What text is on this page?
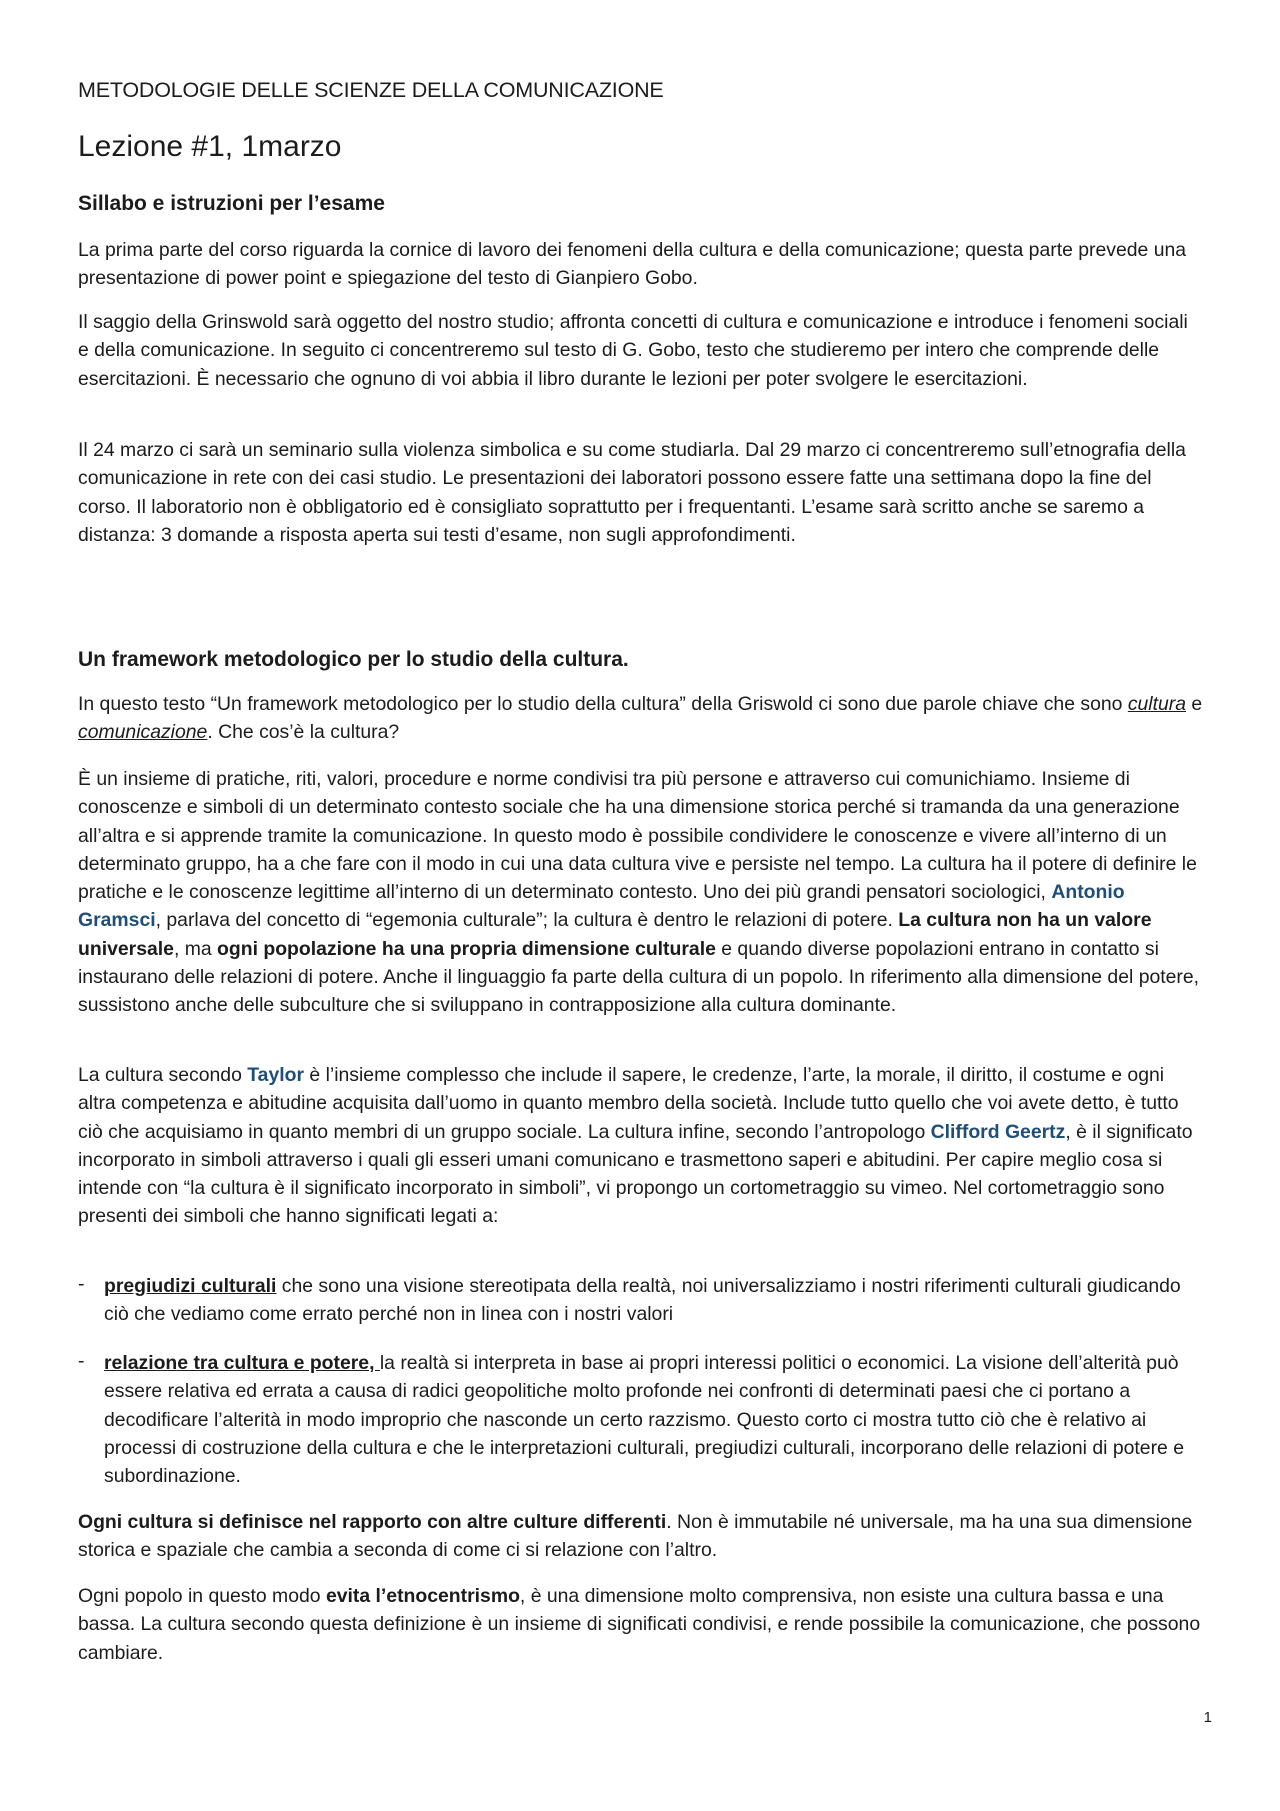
METODOLOGIE DELLE SCIENZE DELLA COMUNICAZIONE
Lezione #1, 1marzo
Sillabo e istruzioni per l’esame

La prima parte del corso riguarda la cornice di lavoro dei fenomeni della cultura e della comunicazione; questa parte prevede una presentazione di power point e spiegazione del testo di Gianpiero Gobo.

Il saggio della Grinswold sarà oggetto del nostro studio; affronta concetti di cultura e comunicazione e introduce i fenomeni sociali e della comunicazione. In seguito ci concentreremo sul testo di G. Gobo, testo che studieremo per intero che comprende delle esercitazioni. È necessario che ognuno di voi abbia il libro durante le lezioni per poter svolgere le esercitazioni.

Il 24 marzo ci sarà un seminario sulla violenza simbolica e su come studiarla. Dal 29 marzo ci concentreremo sull’etnografia della comunicazione in rete con dei casi studio. Le presentazioni dei laboratori possono essere fatte una settimana dopo la fine del corso. Il laboratorio non è obbligatorio ed è consigliato soprattutto per i frequentanti. L’esame sarà scritto anche se saremo a distanza: 3 domande a risposta aperta sui testi d’esame, non sugli approfondimenti.

Un framework metodologico per lo studio della cultura.

In questo testo “Un framework metodologico per lo studio della cultura” della Griswold ci sono due parole chiave che sono cultura e comunicazione. Che cos’è la cultura?

È un insieme di pratiche, riti, valori, procedure e norme condivisi tra più persone e attraverso cui comunichiamo. Insieme di conoscenze e simboli di un determinato contesto sociale che ha una dimensione storica perché si tramanda da una generazione all’altra e si apprende tramite la comunicazione. In questo modo è possibile condividere le conoscenze e vivere all’interno di un determinato gruppo, ha a che fare con il modo in cui una data cultura vive e persiste nel tempo. La cultura ha il potere di definire le pratiche e le conoscenze legittime all’interno di un determinato contesto. Uno dei più grandi pensatori sociologici, Antonio Gramsci, parlava del concetto di “egemonia culturale”; la cultura è dentro le relazioni di potere. La cultura non ha un valore universale, ma ogni popolazione ha una propria dimensione culturale e quando diverse popolazioni entrano in contatto si instaurano delle relazioni di potere. Anche il linguaggio fa parte della cultura di un popolo. In riferimento alla dimensione del potere, sussistono anche delle subculture che si sviluppano in contrapposizione alla cultura dominante.

La cultura secondo Taylor è l’insieme complesso che include il sapere, le credenze, l’arte, la morale, il diritto, il costume e ogni altra competenza e abitudine acquisita dall’uomo in quanto membro della società. Include tutto quello che voi avete detto, è tutto ciò che acquisiamo in quanto membri di un gruppo sociale. La cultura infine, secondo l’antropologo Clifford Geertz, è il significato incorporato in simboli attraverso i quali gli esseri umani comunicano e trasmettono saperi e abitudini. Per capire meglio cosa si intende con “la cultura è il significato incorporato in simboli”, vi propongo un cortometraggio su vimeo. Nel cortometraggio sono presenti dei simboli che hanno significati legati a:

- pregiudizi culturali che sono una visione stereotipata della realtà, noi universalizziamo i nostri riferimenti culturali giudicando ciò che vediamo come errato perché non in linea con i nostri valori
- relazione tra cultura e potere, la realtà si interpreta in base ai propri interessi politici o economici. La visione dell’alterità può essere relativa ed errata a causa di radici geopolitiche molto profonde nei confronti di determinati paesi che ci portano a decodificare l’alterità in modo improprio che nasconde un certo razzismo. Questo corto ci mostra tutto ciò che è relativo ai processi di costruzione della cultura e che le interpretazioni culturali, pregiudizi culturali, incorporano delle relazioni di potere e subordinazione.

Ogni cultura si definisce nel rapporto con altre culture differenti. Non è immutabile né universale, ma ha una sua dimensione storica e spaziale che cambia a seconda di come ci si relazione con l’altro.

Ogni popolo in questo modo evita l’etnocentrismo, è una dimensione molto comprensiva, non esiste una cultura bassa e una bassa. La cultura secondo questa definizione è un insieme di significati condivisi, e rende possibile la comunicazione, che possono cambiare.

1
